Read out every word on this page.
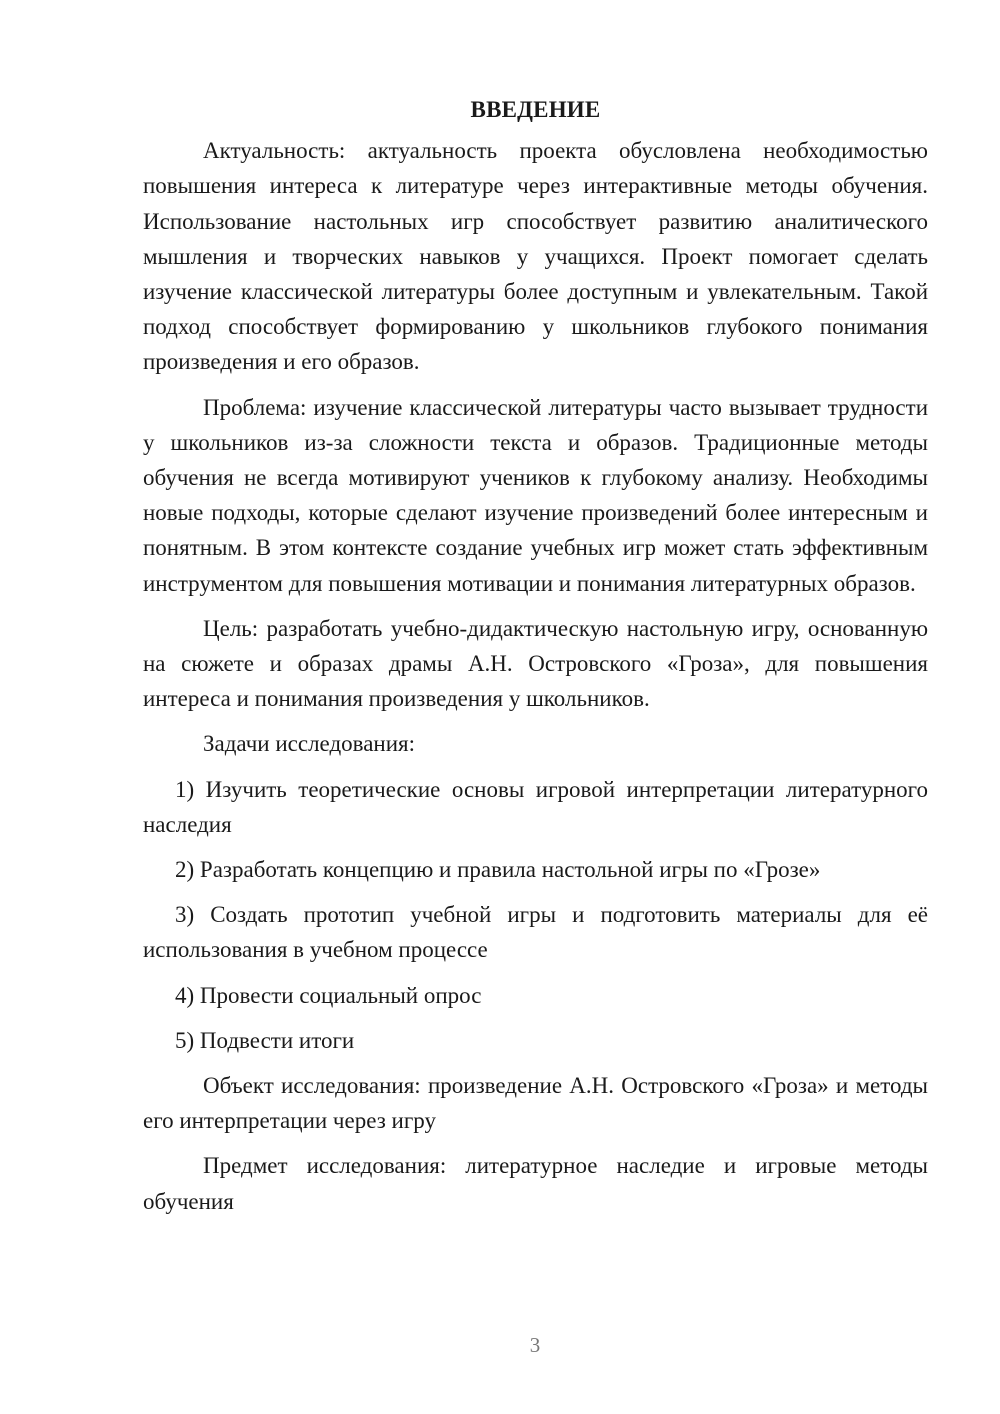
ВВЕДЕНИЕ

Актуальность: актуальность проекта обусловлена необходимостью повышения интереса к литературе через интерактивные методы обучения. Использование настольных игр способствует развитию аналитического мышления и творческих навыков у учащихся. Проект помогает сделать изучение классической литературы более доступным и увлекательным. Такой подход способствует формированию у школьников глубокого понимания произведения и его образов.

Проблема: изучение классической литературы часто вызывает трудности у школьников из-за сложности текста и образов. Традиционные методы обучения не всегда мотивируют учеников к глубокому анализу. Необходимы новые подходы, которые сделают изучение произведений более интересным и понятным. В этом контексте создание учебных игр может стать эффективным инструментом для повышения мотивации и понимания литературных образов.

Цель: разработать учебно-дидактическую настольную игру, основанную на сюжете и образах драмы А.Н. Островского «Гроза», для повышения интереса и понимания произведения у школьников.

Задачи исследования:

1) Изучить теоретические основы игровой интерпретации литературного наследия

2) Разработать концепцию и правила настольной игры по «Грозе»

3) Создать прототип учебной игры и подготовить материалы для её использования в учебном процессе

4) Провести социальный опрос

5) Подвести итоги

Объект исследования: произведение А.Н. Островского «Гроза» и методы его интерпретации через игру

Предмет исследования: литературное наследие и игровые методы обучения

3
